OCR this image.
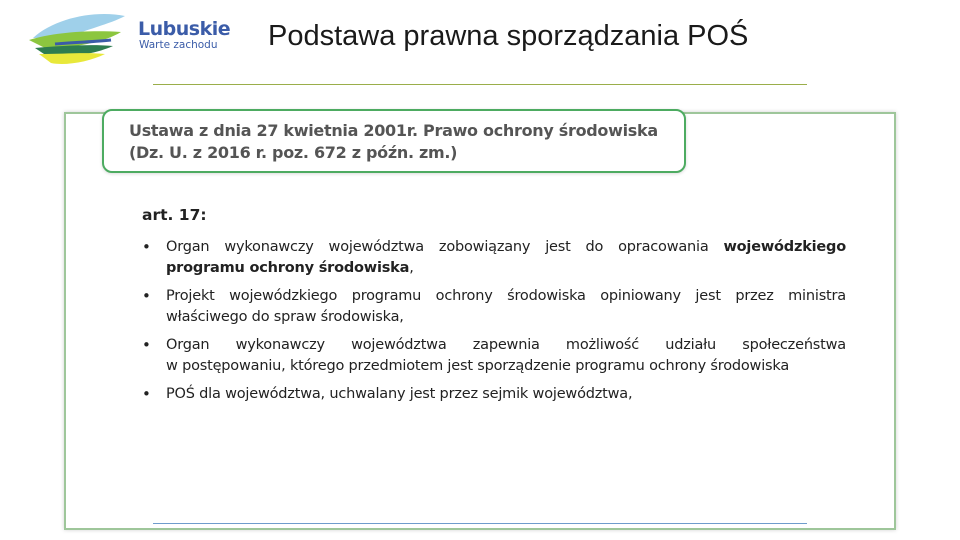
Lubuskie
Warte zachodu Podstawa prawna sporządzania POŚ
Ustawa z dnia 27 kwietnia 2001r. Prawo ochrony środowiska
(Dz. U. z 2016 r. poz. 672 z późn. zm.)
art. 17:
• Organ wykonawczy województwa zobowiązany jest do opracowania wojewódzkiego
programu ochrony środowiska,
• Projekt wojewódzkiego programu ochrony środowiska opiniowany jest przez ministra
właściwego do spraw środowiska,
• Organ wykonawczy województwa zapewnia możliwość udziału społeczeństwa
w postępowaniu, którego przedmiotem jest sporządzenie programu ochrony środowiska
• POŚ dla województwa, uchwalany jest przez sejmik województwa,
